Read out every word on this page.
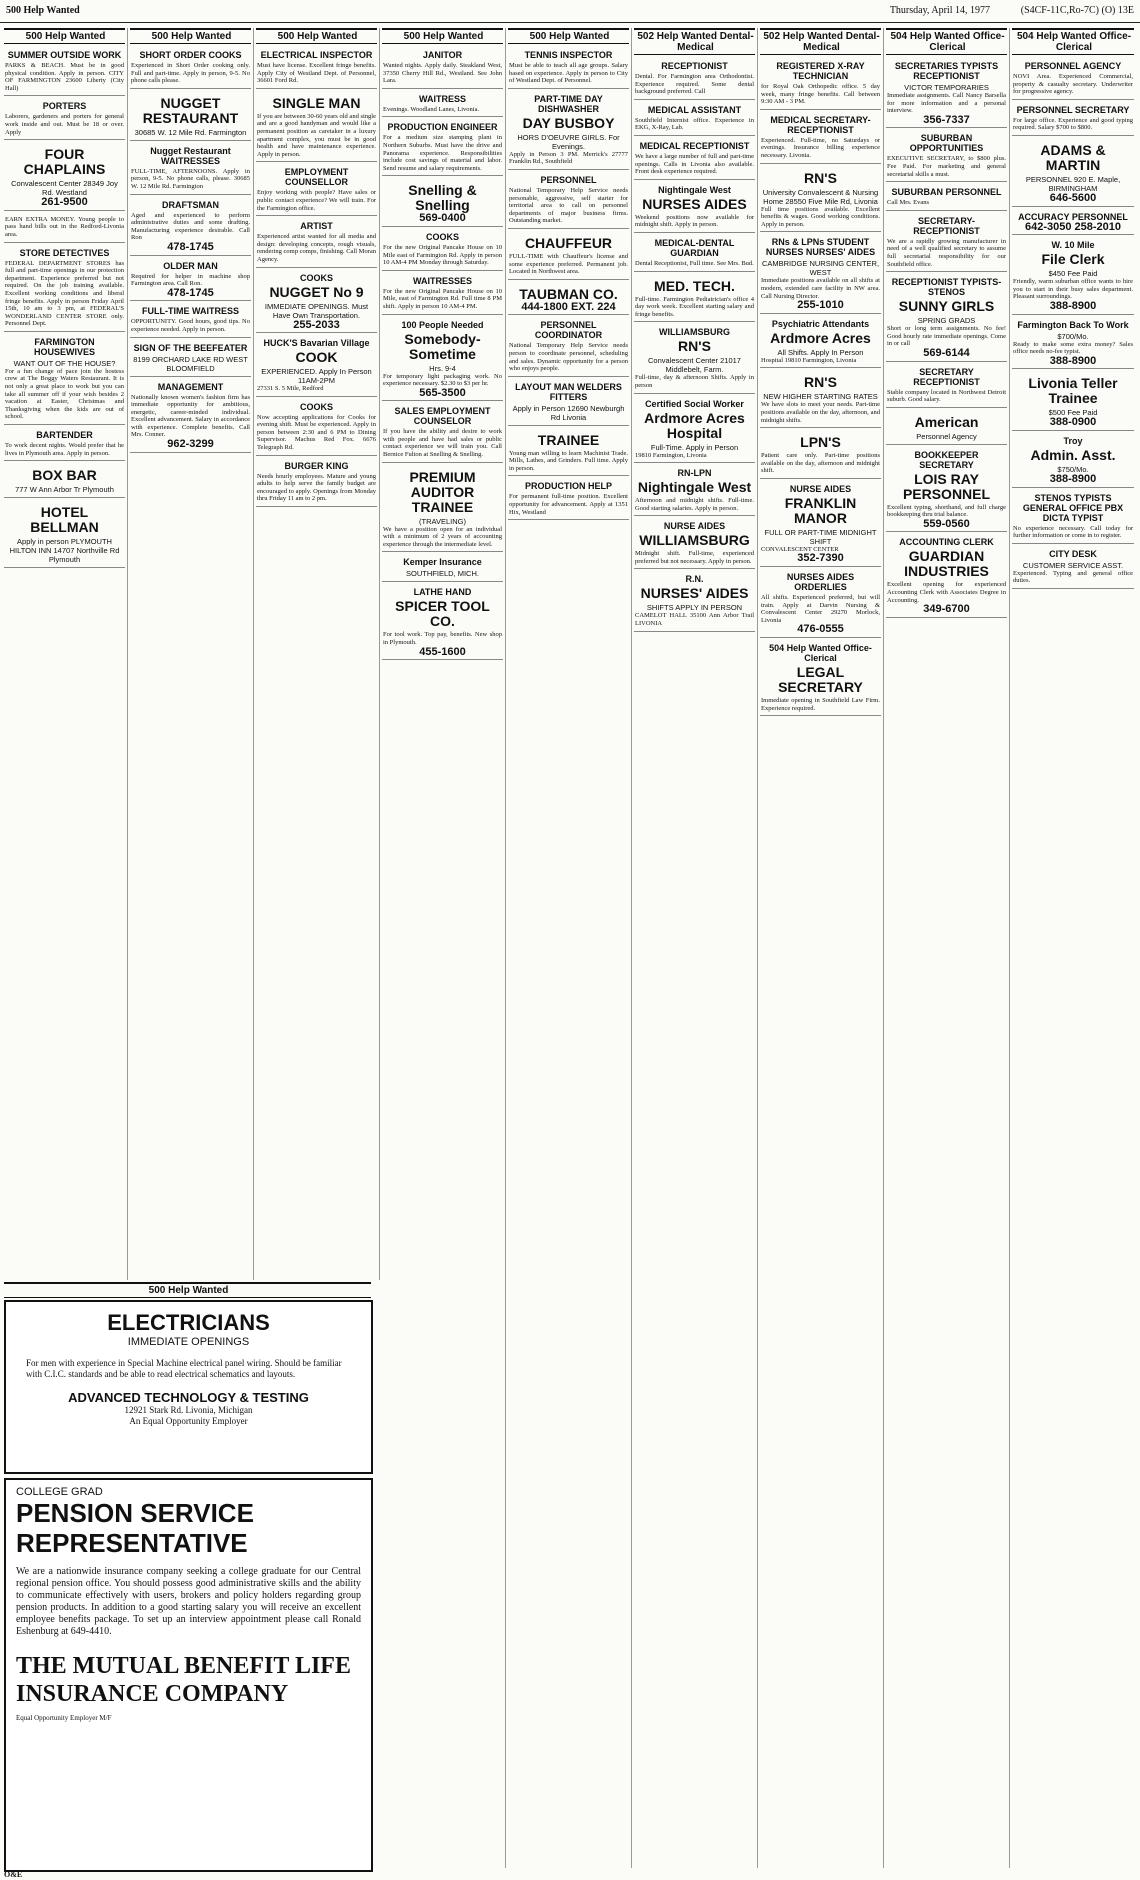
500 Help Wanted	Thursday, April 14, 1977	(S4CF-11C,Ro-7C) (O) 13E
500 Help Wanted
SUMMER OUTSIDE WORK
PARKS & BEACH. Must be in good physical condition. Apply in person. CITY OF FARMINGTON 23600 Liberty (City Hall)
PORTERS
Laborers, gardeners and porters for general work inside and out. Must be 18 or over. Apply
FOUR CHAPLAINS
Convalescent Center 28349 Joy Rd. Westland
261-9500
EARN EXTRA MONEY. Young people to pass hand bills out in the Redford-Livonia area.
STORE DETECTIVES
FEDERAL DEPARTMENT STORES has full and part-time openings in our protection department. Experience preferred but not required. On the job training available. Excellent working conditions and liberal fringe benefits. Apply in person Friday April 15th, 10 am to 3 pm, at FEDERAL'S WONDERLAND CENTER STORE only. Personnel Dept.
FARMINGTON HOUSEWIVES
WANT OUT OF THE HOUSE?
For a fun change of pace join the hostess crew at The Boggy Waters Restaurant. It is not only a great place to work but you can take all summer off if your wish besides 2 vacation at Easter, Christmas and Thanksgiving when the kids are out of school.
BARTENDER
To work decent nights. Would prefer that he lives in Plymouth area. Apply in person.
BOX BAR
777 W Ann Arbor Tr Plymouth
HOTEL BELLMAN
Apply in person PLYMOUTH HILTON INN 14707 Northville Rd Plymouth
500 Help Wanted
SHORT ORDER COOKS
Experienced in Short Order cooking only. Full and part-time. Apply in person, 9-5. No phone calls please.
NUGGET RESTAURANT
30685 W. 12 Mile Rd. Farmington
Nugget Restaurant WAITRESSES
FULL-TIME, AFTERNOONS. Apply in person, 9-5. No phone calls, please. 30685 W. 12 Mile Rd. Farmington
DRAFTSMAN
Aged and experienced to perform administrative duties and some drafting. Manufacturing experience desirable. Call Ron
478-1745
OLDER MAN
Required for helper in machine shop Farmington area. Call Ron.
478-1745
FULL-TIME WAITRESS
OPPORTUNITY. Good hours, good tips. No experience needed. Apply in person.
SIGN OF THE BEEFEATER
8199 ORCHARD LAKE RD WEST BLOOMFIELD
MANAGEMENT
Nationally known women's fashion firm has immediate opportunity for ambitious, energetic, career-minded individual. Excellent advancement. Salary in accordance with experience. Complete benefits. Call Mrs. Conner.
962-3299
500 Help Wanted
ELECTRICAL INSPECTOR
Must have license. Excellent fringe benefits. Apply City of Westland Dept. of Personnel, 36601 Ford Rd.
SINGLE MAN
If you are between 30-60 years old and single and are a good handyman and would like a permanent position as caretaker in a luxury apartment complex, you must be in good health and have maintenance experience. Apply in person.
EMPLOYMENT COUNSELLOR
Enjoy working with people? Have sales or public contact experience? We will train. For the Farmington office.
ARTIST
Experienced artist wanted for all media and design: developing concepts, rough visuals, rendering comp comps, finishing. Call Moran Agency.
COOKS
NUGGET No 9
IMMEDIATE OPENINGS. Must Have Own Transportation.
255-2033
HUCK'S Bavarian Village
COOK
EXPERIENCED. Apply In Person 11AM-2PM
27331 S. 5 Mile, Redford
COOKS
Now accepting applications for Cooks for evening shift. Must be experienced. Apply in person between 2:30 and 6 PM to Dining Supervisor. Machus Red Fox. 6676 Telegraph Rd.
BURGER KING
Needs hourly employees. Mature and young adults to help serve the family budget are encouraged to apply. Openings from Monday thru Friday 11 am to 2 pm.
500 Help Wanted
JANITOR
Wanted nights. Apply daily. Steakland West, 37350 Cherry Hill Rd., Westland. See John Lara.
WAITRESS
Evenings. Woodland Lanes, Livonia.
PRODUCTION ENGINEER
For a medium size stamping plant in Northern Suburbs. Must have the drive and Panorama experience. Responsibilities include cost savings of material and labor. Send resume and salary requirements.
Snelling & Snelling
569-0400
COOKS
For the new Original Pancake House on 10 Mile east of Farmington Rd. Apply in person 10 AM-4 PM Monday through Saturday.
WAITRESSES
For the new Original Pancake House on 10 Mile, east of Farmington Rd. Full time 8 PM shift. Apply in person 10 AM-4 PM.
100 People Needed
Somebody-Sometime
Hrs. 9-4
For temporary light packaging work. No experience necessary. $2.30 to $3 per hr.
565-3500
SALES EMPLOYMENT COUNSELOR
If you have the ability and desire to work with people and have had sales or public contact experience we will train you. Call Bernice Fulton at Snelling & Snelling.
PREMIUM AUDITOR TRAINEE
(TRAVELING)
We have a position open for an individual with a minimum of 2 years of accounting experience through the intermediate level.
Kemper Insurance
SOUTHFIELD, MICH.
LATHE HAND
SPICER TOOL CO.
For tool work. Top pay, benefits. New shop in Plymouth.
455-1600
500 Help Wanted
TENNIS INSPECTOR
Must be able to teach all age groups. Salary based on experience. Apply in person to City of Westland Dept. of Personnel.
PART-TIME DAY DISHWASHER
DAY BUSBOY
HORS D'OEUVRE GIRLS. For Evenings.
Apply in Person 3 PM. Merrick's 27777 Franklin Rd., Southfield
PERSONNEL
National Temporary Help Service needs personable, aggressive, self starter for territorial area to call on personnel departments of major business firms. Outstanding market.
CHAUFFEUR
FULL-TIME with Chauffeur's license and some experience preferred. Permanent job. Located in Northwest area.
TAUBMAN CO.
444-1800 EXT. 224
PERSONNEL COORDINATOR
National Temporary Help Service needs person to coordinate personnel, scheduling and sales. Dynamic opportunity for a person who enjoys people.
LAYOUT MAN WELDERS FITTERS
Apply in Person 12690 Newburgh Rd Livonia
TRAINEE
Young man willing to learn Machinist Trade. Mills, Lathes, and Grinders. Full time. Apply in person.
PRODUCTION HELP
For permanent full-time position. Excellent opportunity for advancement. Apply at 1351 Hix, Westland
502 Help Wanted Dental-Medical
RECEPTIONIST
Dental. For Farmington area Orthodontist. Experience required. Some dental background preferred. Call
MEDICAL ASSISTANT
Southfield Internist office. Experience in EKG, X-Ray, Lab.
MEDICAL RECEPTIONIST
We have a large number of full and part-time openings. Calls in Livonia also available. Front desk experience required.
Nightingale West
NURSES AIDES
Weekend positions now available for midnight shift. Apply in person.
MEDICAL-DENTAL GUARDIAN
Dental Receptionist, Full time. See Mrs. Bud.
MED. TECH.
Full-time. Farmington Pediatrician's office 4 day work week. Excellent starting salary and fringe benefits.
WILLIAMSBURG
RN'S
Convalescent Center 21017 Middlebelt, Farm.
Full-time, day & afternoon Shifts. Apply in person
Certified Social Worker
Ardmore Acres Hospital
Full-Time. Apply in Person
19810 Farmington, Livonia
RN-LPN
Nightingale West
Afternoon and midnight shifts. Full-time. Good starting salaries. Apply in person.
NURSE AIDES
WILLIAMSBURG
Midnight shift. Full-time, experienced preferred but not necessary. Apply in person.
R.N.
NURSES' AIDES
SHIFTS APPLY IN PERSON
CAMELOT HALL 35100 Ann Arbor Trail LIVONIA
502 Help Wanted Dental-Medical
REGISTERED X-RAY TECHNICIAN
for Royal Oak Orthopedic office. 5 day week, many fringe benefits. Call between 9:30 AM - 3 PM.
MEDICAL SECRETARY-RECEPTIONIST
Experienced. Full-time, no Saturdays or evenings. Insurance billing experience necessary. Livonia.
RN'S
University Convalescent & Nursing Home 28550 Five Mile Rd, Livonia
Full time positions available. Excellent benefits & wages. Good working conditions. Apply in person.
RNs & LPNs STUDENT NURSES NURSES' AIDES
CAMBRIDGE NURSING CENTER, WEST
Immediate positions available on all shifts at modern, extended care facility in NW area. Call Nursing Director.
255-1010
Psychiatric Attendants
Ardmore Acres
All Shifts. Apply In Person
Hospital 19810 Farmington, Livonia
RN'S
NEW HIGHER STARTING RATES
We have slots to meet your needs. Part-time positions available on the day, afternoon, and midnight shifts.
LPN'S
Patient care only. Part-time positions available on the day, afternoon and midnight shift.
NURSE AIDES
FRANKLIN MANOR
FULL OR PART-TIME MIDNIGHT SHIFT
CONVALESCENT CENTER
352-7390
NURSES AIDES ORDERLIES
All shifts. Experienced preferred, but will train. Apply at Darvin Nursing & Convalescent Center 29270 Morlock, Livonia
476-0555
504 Help Wanted Office-Clerical
LEGAL SECRETARY
Immediate opening in Southfield Law Firm. Experience required.
504 Help Wanted Office-Clerical
SECRETARIES TYPISTS RECEPTIONIST
VICTOR TEMPORARIES
Immediate assignments. Call Nancy Barsella for more information and a personal interview.
356-7337
SUBURBAN OPPORTUNITIES
EXECUTIVE SECRETARY, to $800 plus. Fee Paid. For marketing and general secretarial skills a must.
SUBURBAN PERSONNEL
Call Mrs. Evans
SECRETARY-RECEPTIONIST
We are a rapidly growing manufacturer in need of a well qualified secretary to assume full secretarial responsibility for our Southfield office.
RECEPTIONIST TYPISTS-STENOS
SUNNY GIRLS
SPRING GRADS
Short or long term assignments. No fee! Good hourly rate immediate openings. Come in or call
569-6144
SECRETARY RECEPTIONIST
Stable company located in Northwest Detroit suburb. Good salary.
American
Personnel Agency
BOOKKEEPER SECRETARY
LOIS RAY PERSONNEL
Excellent typing, shorthand, and full charge bookkeeping thru trial balance.
559-0560
ACCOUNTING CLERK
GUARDIAN INDUSTRIES
Excellent opening for experienced Accounting Clerk with Associates Degree in Accounting.
349-6700
504 Help Wanted Office-Clerical
PERSONNEL AGENCY
NOVI Area. Experienced Commercial, property & casualty secretary. Underwriter for progressive agency.
PERSONNEL SECRETARY
For large office. Experience and good typing required. Salary $700 to $800.
ADAMS & MARTIN
PERSONNEL 920 E. Maple, BIRMINGHAM
646-5600
ACCURACY PERSONNEL
642-3050 258-2010
W. 10 Mile
File Clerk
$450 Fee Paid
Friendly, warm suburban office wants to hire you to start in their busy sales department. Pleasant surroundings.
388-8900
Farmington Back To Work
$700/Mo.
Ready to make some extra money? Sales office needs no-fee typist.
388-8900
Livonia Teller Trainee
$500 Fee Paid
388-0900
Troy
Admin. Asst.
$750/Mo.
388-8900
STENOS TYPISTS GENERAL OFFICE PBX DICTA TYPIST
No experience necessary. Call today for further information or come in to register.
CITY DESK
CUSTOMER SERVICE ASST.
Experienced. Typing and general office duties.
500 Help Wanted
ELECTRICIANS
IMMEDIATE OPENINGS
For men with experience in Special Machine electrical panel wiring. Should be familiar with C.I.C. standards and be able to read electrical schematics and layouts.
ADVANCED TECHNOLOGY & TESTING
12921 Stark Rd. Livonia, Michigan
An Equal Opportunity Employer
COLLEGE GRAD
PENSION SERVICE REPRESENTATIVE
We are a nationwide insurance company seeking a college graduate for our Central regional pension office. You should possess good administrative skills and the ability to communicate effectively with users, brokers and policy holders regarding group pension products. In addition to a good starting salary you will receive an excellent employee benefits package. To set up an interview appointment please call Ronald Eshenburg at 649-4410.
THE MUTUAL BENEFIT LIFE INSURANCE COMPANY
Equal Opportunity Employer M/F
O&E
